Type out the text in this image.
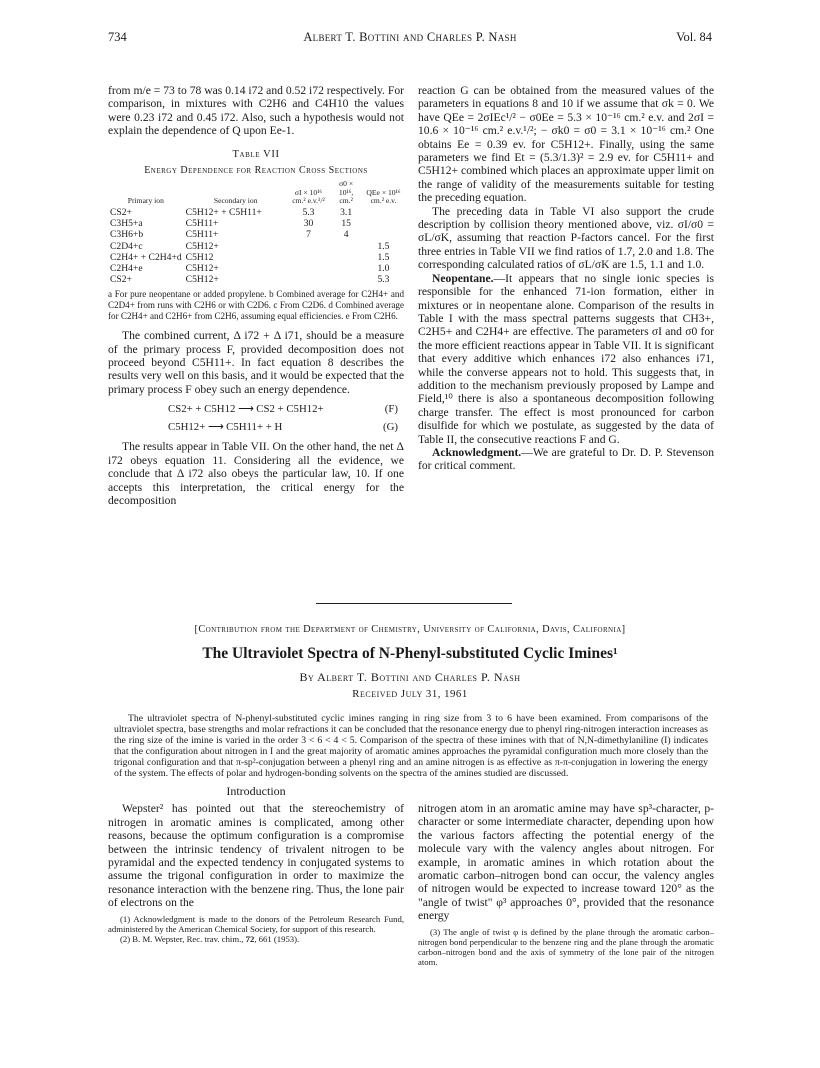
734	Albert T. Bottini and Charles P. Nash	Vol. 84

from m/e = 73 to 78 was 0.14 i72 and 0.52 i72 respectively. For comparison, in mixtures with C2H6 and C4H10 the values were 0.23 i72 and 0.45 i72. Also, such a hypothesis would not explain the dependence of Q upon Ee-1.

Table VII
Energy Dependence for Reaction Cross Sections
Primary ion	Secondary ion	σI × 10¹⁶ cm.² e.v.¹/²	σ0 × 10¹⁶, cm.²	QEe × 10¹⁶ cm.² e.v.
CS2+	C5H12+ + C5H11+	5.3	3.1	
C3H5+a	C5H11+	30	15	
C3H6+b	C5H11+	7	4	
C2D4+c	C5H12+			1.5
C2H4+ + C2H4+d	C5H12			1.5
C2H4+e	C5H12+			1.0
CS2+	C5H12+			5.3
a For pure neopentane or added propylene. b Combined average for C2H4+ and C2D4+ from runs with C2H6 or with C2D6. c From C2D6. d Combined average for C2H4+ and C2H6+ from C2H6, assuming equal efficiencies. e From C2H6.

The combined current, Δ i72 + Δ i71, should be a measure of the primary process F, provided decomposition does not proceed beyond C5H11+. In fact equation 8 describes the results very well on this basis, and it would be expected that the primary process F obey such an energy dependence.

CS2+ + C5H12 ⟶ CS2 + C5H12+	(F)
C5H12+ ⟶ C5H11+ + H	(G)

The results appear in Table VII. On the other hand, the net Δ i72 obeys equation 11. Considering all the evidence, we conclude that Δ i72 also obeys the particular law, 10. If one accepts this interpretation, the critical energy for the decomposition

reaction G can be obtained from the measured values of the parameters in equations 8 and 10 if we assume that σk = 0. We have QEe = 2σIEc¹/² − σ0Ee = 5.3 × 10⁻¹⁶ cm.² e.v. and 2σI = 10.6 × 10⁻¹⁶ cm.² e.v.¹/²; − σk0 = σ0 = 3.1 × 10⁻¹⁶ cm.² One obtains Ee = 0.39 ev. for C5H12+. Finally, using the same parameters we find Et = (5.3/1.3)² = 2.9 ev. for C5H11+ and C5H12+ combined which places an approximate upper limit on the range of validity of the measurements suitable for testing the preceding equation.

The preceding data in Table VI also support the crude description by collision theory mentioned above, viz. σI/σ0 = σL/σK, assuming that reaction P-factors cancel. For the first three entries in Table VII we find ratios of 1.7, 2.0 and 1.8. The corresponding calculated ratios of σL/σK are 1.5, 1.1 and 1.0.

Neopentane.—It appears that no single ionic species is responsible for the enhanced 71-ion formation, either in mixtures or in neopentane alone. Comparison of the results in Table I with the mass spectral patterns suggests that CH3+, C2H5+ and C2H4+ are effective. The parameters σI and σ0 for the more efficient reactions appear in Table VII. It is significant that every additive which enhances i72 also enhances i71, while the converse appears not to hold. This suggests that, in addition to the mechanism previously proposed by Lampe and Field,¹⁰ there is also a spontaneous decomposition following charge transfer. The effect is most pronounced for carbon disulfide for which we postulate, as suggested by the data of Table II, the consecutive reactions F and G.

Acknowledgment.—We are grateful to Dr. D. P. Stevenson for critical comment.

[Contribution from the Department of Chemistry, University of California, Davis, California]
The Ultraviolet Spectra of N-Phenyl-substituted Cyclic Imines¹
By Albert T. Bottini and Charles P. Nash
Received July 31, 1961
The ultraviolet spectra of N-phenyl-substituted cyclic imines ranging in ring size from 3 to 6 have been examined. From comparisons of the ultraviolet spectra, base strengths and molar refractions it can be concluded that the resonance energy due to phenyl ring-nitrogen interaction increases as the ring size of the imine is varied in the order 3 < 6 < 4 < 5. Comparison of the spectra of these imines with that of N,N-dimethylaniline (I) indicates that the configuration about nitrogen in I and the great majority of aromatic amines approaches the pyramidal configuration much more closely than the trigonal configuration and that π-sp²-conjugation between a phenyl ring and an amine nitrogen is as effective as π-π-conjugation in lowering the energy of the system. The effects of polar and hydrogen-bonding solvents on the spectra of the amines studied are discussed.
Introduction

Wepster² has pointed out that the stereochemistry of nitrogen in aromatic amines is complicated, among other reasons, because the optimum configuration is a compromise between the intrinsic tendency of trivalent nitrogen to be pyramidal and the expected tendency in conjugated systems to assume the trigonal configuration in order to maximize the resonance interaction with the benzene ring. Thus, the lone pair of electrons on the

(1) Acknowledgment is made to the donors of the Petroleum Research Fund, administered by the American Chemical Society, for support of this research.

(2) B. M. Wepster, Rec. trav. chim., 72, 661 (1953).

nitrogen atom in an aromatic amine may have sp³-character, p-character or some intermediate character, depending upon how the various factors affecting the potential energy of the molecule vary with the valency angles about nitrogen. For example, in aromatic amines in which rotation about the aromatic carbon–nitrogen bond can occur, the valency angles of nitrogen would be expected to increase toward 120° as the "angle of twist" φ³ approaches 0°, provided that the resonance energy

(3) The angle of twist φ is defined by the plane through the aromatic carbon–nitrogen bond perpendicular to the benzene ring and the plane through the aromatic carbon–nitrogen bond and the axis of symmetry of the lone pair of the nitrogen atom.
